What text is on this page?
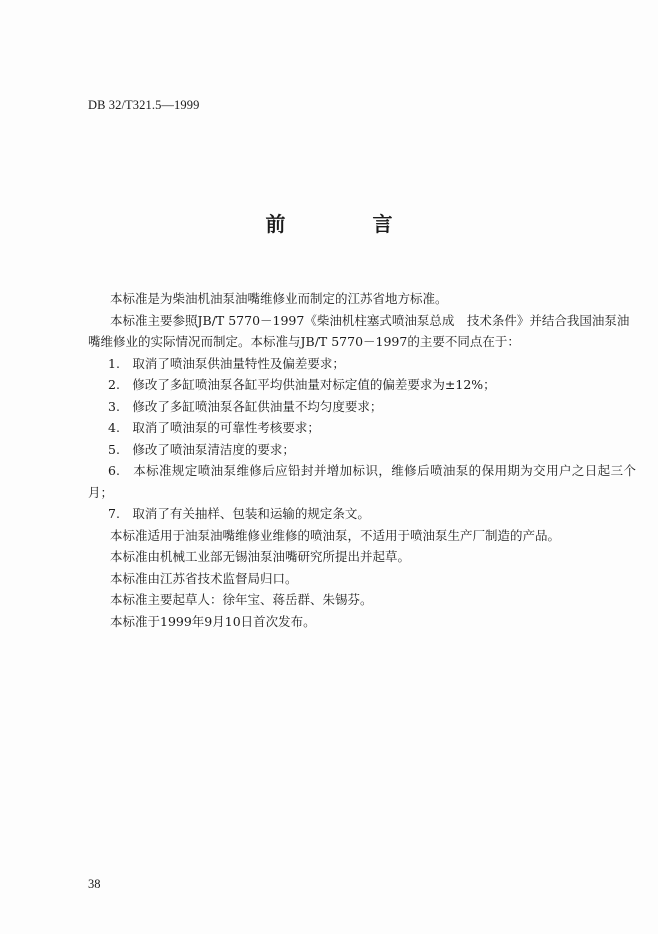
DB 32/T321.5—1999
前 言

本标准是为柴油机油泵油嘴维修业而制定的江苏省地方标准。

本标准主要参照JB/T 5770－1997《柴油机柱塞式喷油泵总成　技术条件》并结合我国油泵油嘴维修业的实际情况而制定。本标准与JB/T 5770－1997的主要不同点在于：

1.　取消了喷油泵供油量特性及偏差要求；

2.　修改了多缸喷油泵各缸平均供油量对标定值的偏差要求为±12%；

3.　修改了多缸喷油泵各缸供油量不均匀度要求；

4.　取消了喷油泵的可靠性考核要求；

5.　修改了喷油泵清洁度的要求；

6.　本标准规定喷油泵维修后应铅封并增加标识，维修后喷油泵的保用期为交用户之日起三个月；

7.　取消了有关抽样、包装和运输的规定条文。

本标准适用于油泵油嘴维修业维修的喷油泵，不适用于喷油泵生产厂制造的产品。

本标准由机械工业部无锡油泵油嘴研究所提出并起草。

本标准由江苏省技术监督局归口。

本标准主要起草人：徐年宝、蒋岳群、朱锡芬。

本标准于1999年9月10日首次发布。

38
